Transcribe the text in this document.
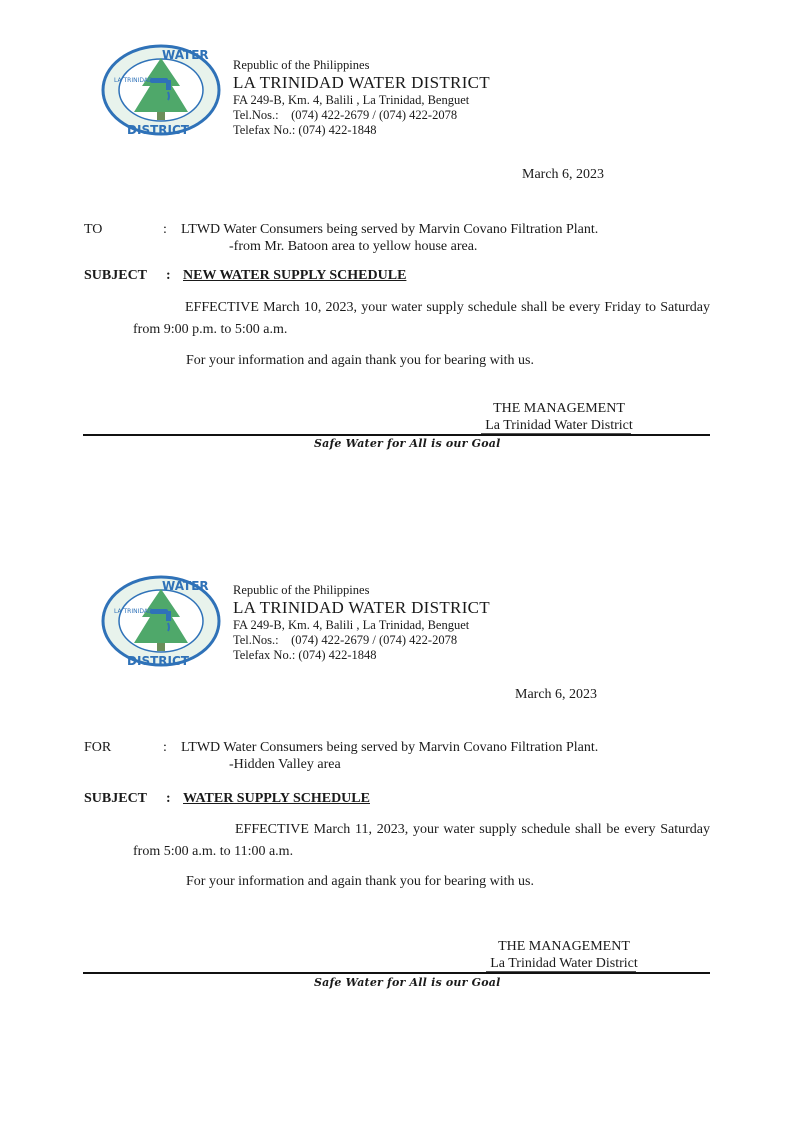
WATER
DISTRICT
LA TRINIDAD
Republic of the Philippines
LA TRINIDAD WATER DISTRICT
FA 249-B, Km. 4, Balili , La Trinidad, Benguet
Tel.Nos.:    (074) 422-2679 / (074) 422-2078
Telefax No.: (074) 422-1848
March 6, 2023
TO	: LTWD Water Consumers being served by Marvin Covano Filtration Plant.
-from Mr. Batoon area to yellow house area.
SUBJECT : NEW WATER SUPPLY SCHEDULE
EFFECTIVE March 10, 2023, your water supply schedule shall be every Friday to Saturday from 9:00 p.m. to 5:00 a.m.
For your information and again thank you for bearing with us.
THE MANAGEMENT
La Trinidad Water District
Safe Water for All is our Goal
WATER
DISTRICT
LA TRINIDAD
Republic of the Philippines
LA TRINIDAD WATER DISTRICT
FA 249-B, Km. 4, Balili , La Trinidad, Benguet
Tel.Nos.:    (074) 422-2679 / (074) 422-2078
Telefax No.: (074) 422-1848
March 6, 2023
FOR	: LTWD Water Consumers being served by Marvin Covano Filtration Plant.
-Hidden Valley area
SUBJECT : WATER SUPPLY SCHEDULE
EFFECTIVE March 11, 2023, your water supply schedule shall be every Saturday from 5:00 a.m. to 11:00 a.m.
For your information and again thank you for bearing with us.
THE MANAGEMENT
La Trinidad Water District
Safe Water for All is our Goal
